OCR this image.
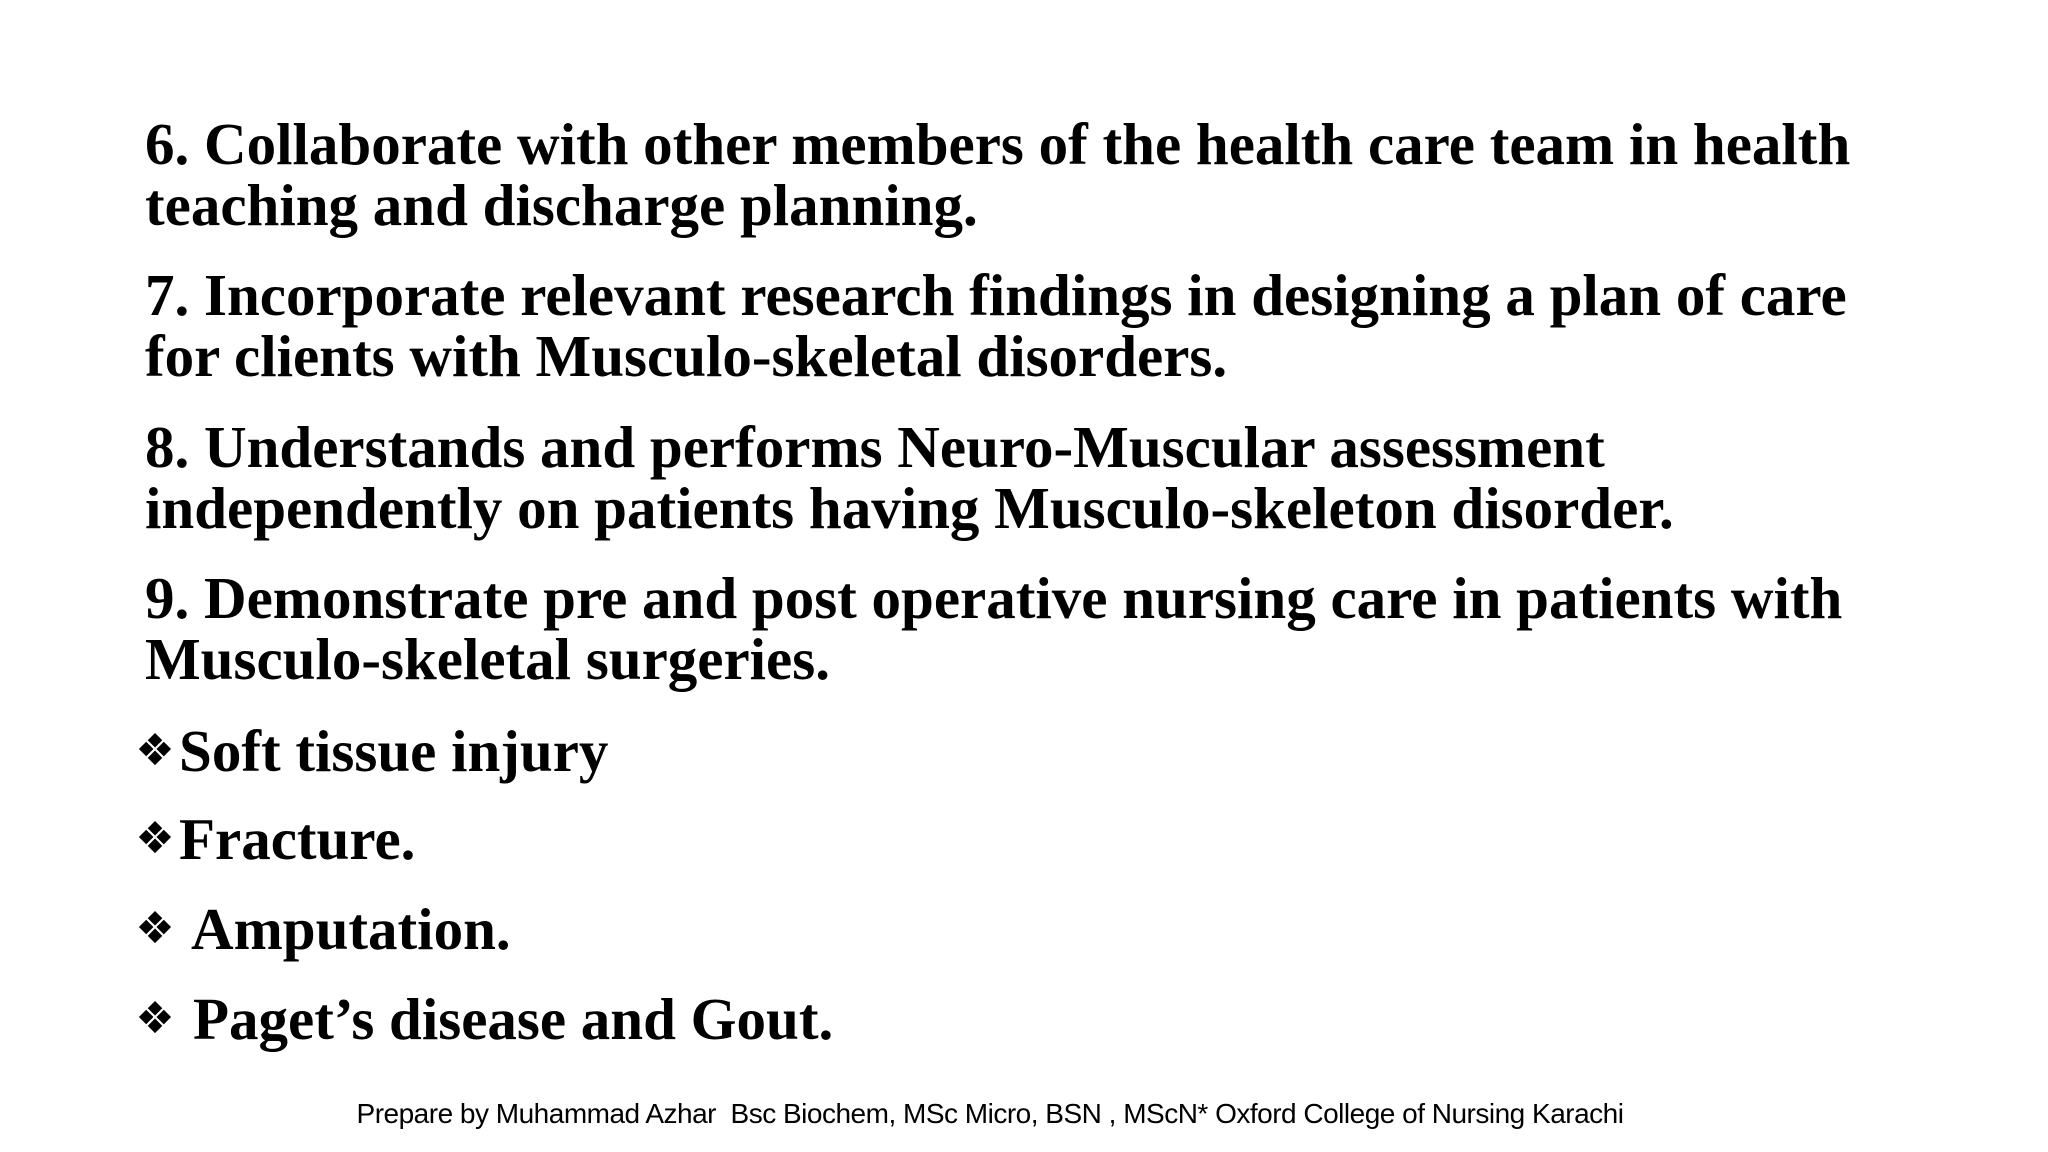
6. Collaborate with other members of the health care team in health
teaching and discharge planning.

7. Incorporate relevant research findings in designing a plan of care
for clients with Musculo-skeletal disorders.

8. Understands and performs Neuro-Muscular assessment
independently on patients having Musculo-skeleton disorder.

9. Demonstrate pre and post operative nursing care in patients with
Musculo-skeletal surgeries.

❖ Soft tissue injury
❖ Fracture.
❖ Amputation.
❖ Paget’s disease and Gout.
Prepare by Muhammad Azhar  Bsc Biochem, MSc Micro, BSN , MScN* Oxford College of Nursing Karachi
